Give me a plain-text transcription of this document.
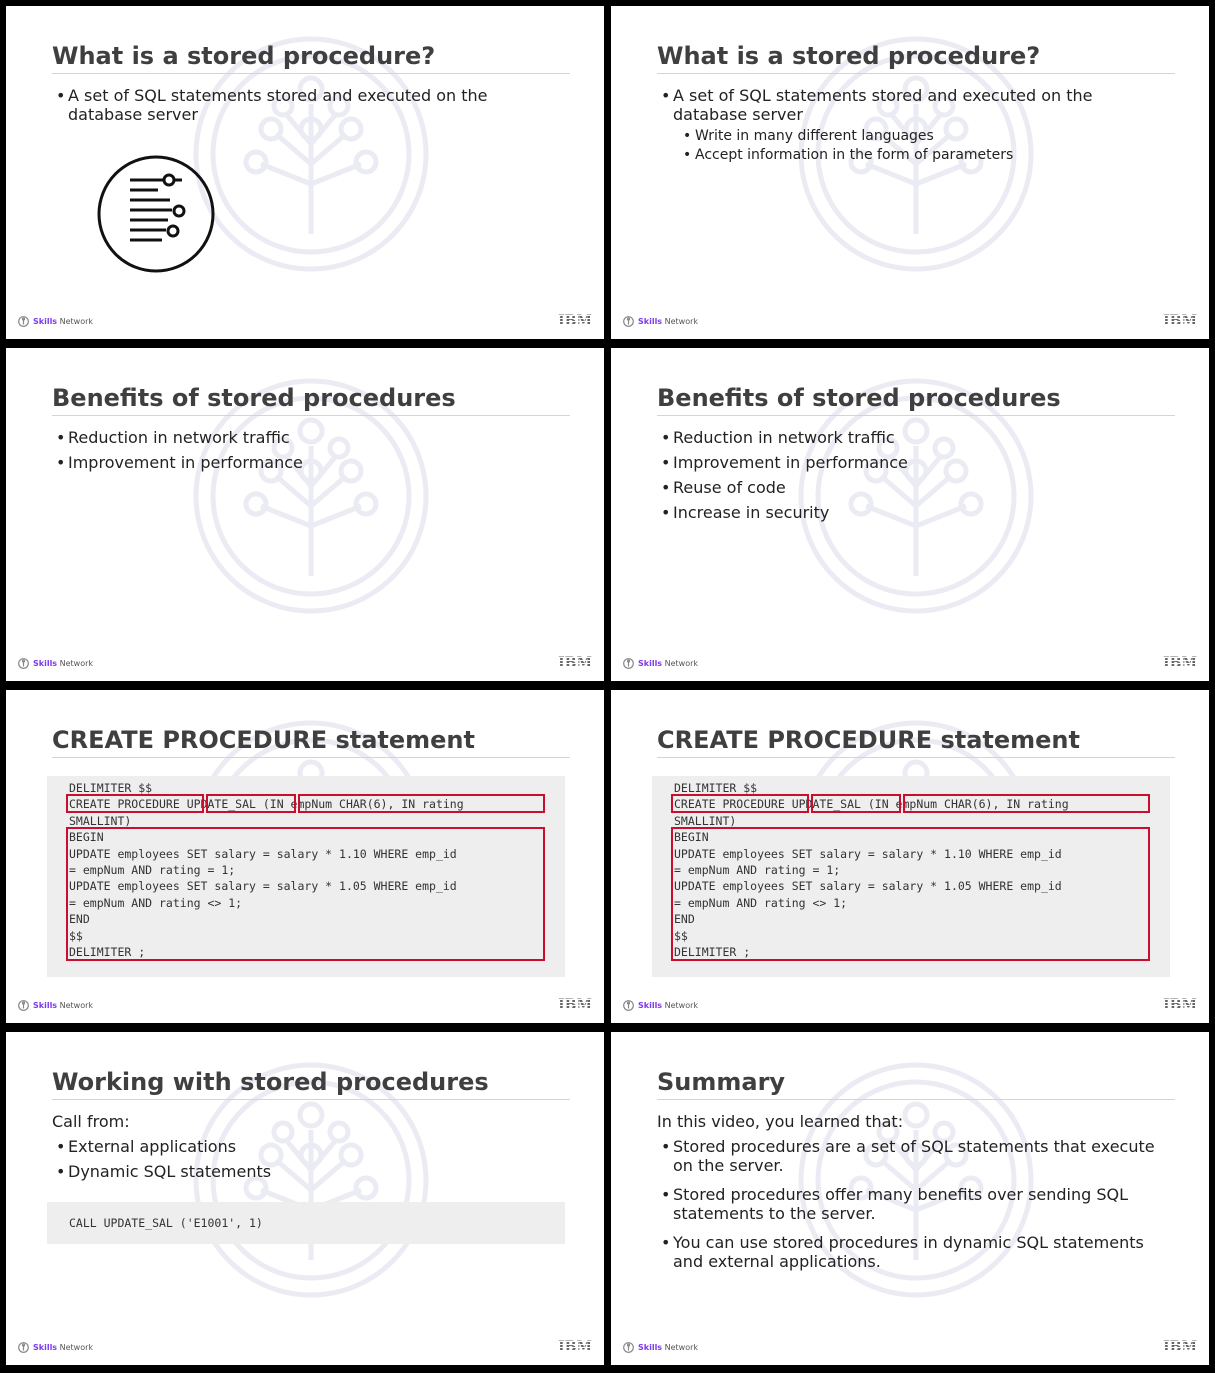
What is a stored procedure?
• A set of SQL statements stored and executed on the database server
Skills Network	IBM
What is a stored procedure?
• A set of SQL statements stored and executed on the database server
• Write in many different languages
• Accept information in the form of parameters
Skills Network	IBM
Benefits of stored procedures
• Reduction in network traffic
• Improvement in performance
Skills Network	IBM
Benefits of stored procedures
• Reduction in network traffic
• Improvement in performance
• Reuse of code
• Increase in security
Skills Network	IBM
CREATE PROCEDURE statement
DELIMITER $$
CREATE PROCEDURE UPDATE_SAL (IN empNum CHAR(6), IN rating
SMALLINT)
BEGIN
UPDATE employees SET salary = salary * 1.10 WHERE emp_id
= empNum AND rating = 1;
UPDATE employees SET salary = salary * 1.05 WHERE emp_id
= empNum AND rating <> 1;
END
$$
DELIMITER ;
Skills Network	IBM
CREATE PROCEDURE statement
DELIMITER $$
CREATE PROCEDURE UPDATE_SAL (IN empNum CHAR(6), IN rating
SMALLINT)
BEGIN
UPDATE employees SET salary = salary * 1.10 WHERE emp_id
= empNum AND rating = 1;
UPDATE employees SET salary = salary * 1.05 WHERE emp_id
= empNum AND rating <> 1;
END
$$
DELIMITER ;
Skills Network	IBM
Working with stored procedures
Call from:
• External applications
• Dynamic SQL statements
CALL UPDATE_SAL ('E1001', 1)
Skills Network	IBM
Summary
In this video, you learned that:
• Stored procedures are a set of SQL statements that execute on the server.
• Stored procedures offer many benefits over sending SQL statements to the server.
• You can use stored procedures in dynamic SQL statements and external applications.
Skills Network	IBM
